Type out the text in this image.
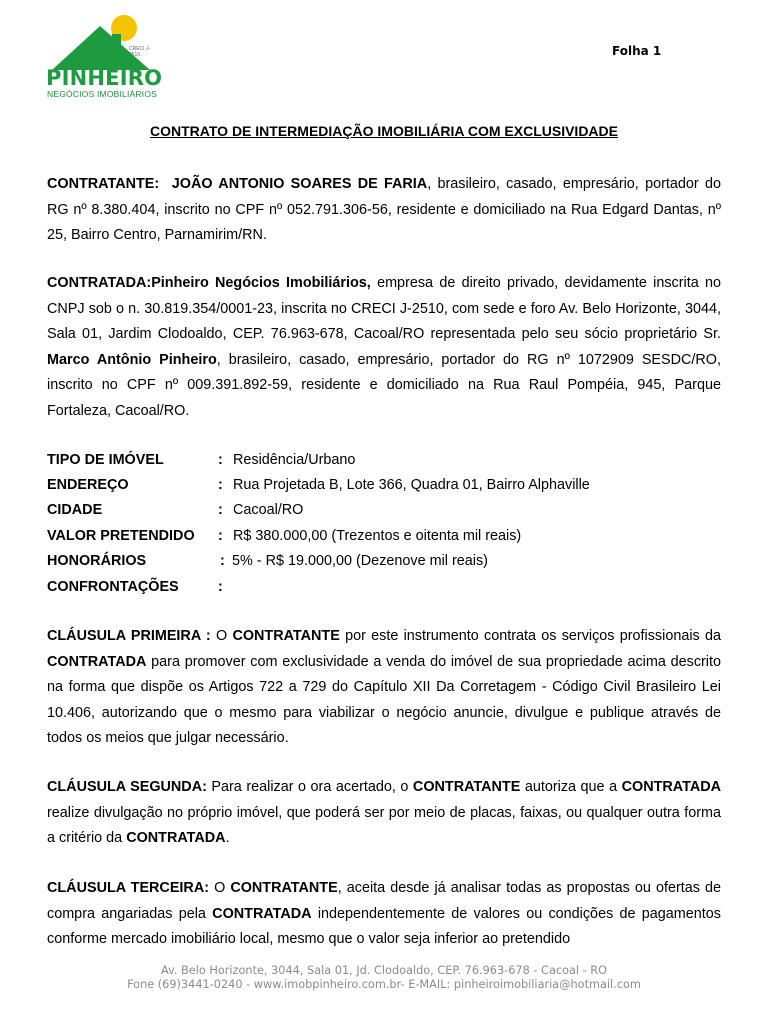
CRECI J-2510
PINHEIRO
NEGÓCIOS IMOBILIÁRIOS
Folha 1
CONTRATO DE INTERMEDIAÇÃO IMOBILIÁRIA COM EXCLUSIVIDADE

CONTRATANTE: JOÃO ANTONIO SOARES DE FARIA, brasileiro, casado, empresário, portador do RG nº 8.380.404, inscrito no CPF nº 052.791.306-56, residente e domiciliado na Rua Edgard Dantas, nº 25, Bairro Centro, Parnamirim/RN.

CONTRATADA:Pinheiro Negócios Imobiliários, empresa de direito privado, devidamente inscrita no CNPJ sob o n. 30.819.354/0001-23, inscrita no CRECI J-2510, com sede e foro Av. Belo Horizonte, 3044, Sala 01, Jardim Clodoaldo, CEP. 76.963-678, Cacoal/RO representada pelo seu sócio proprietário Sr. Marco Antônio Pinheiro, brasileiro, casado, empresário, portador do RG nº 1072909 SESDC/RO, inscrito no CPF nº 009.391.892-59, residente e domiciliado na Rua Raul Pompéia, 945, Parque Fortaleza, Cacoal/RO.

TIPO DE IMÓVEL	: Residência/Urbano
ENDEREÇO	: Rua Projetada B, Lote 366, Quadra 01, Bairro Alphaville
CIDADE	: Cacoal/RO
VALOR PRETENDIDO : R$ 380.000,00 (Trezentos e oitenta mil reais)
HONORÁRIOS	: 5% - R$ 19.000,00 (Dezenove mil reais)
CONFRONTAÇÕES	:

CLÁUSULA PRIMEIRA : O CONTRATANTE por este instrumento contrata os serviços profissionais da CONTRATADA para promover com exclusividade a venda do imóvel de sua propriedade acima descrito na forma que dispõe os Artigos 722 a 729 do Capítulo XII Da Corretagem - Código Civil Brasileiro Lei 10.406, autorizando que o mesmo para viabilizar o negócio anuncie, divulgue e publique através de todos os meios que julgar necessário.

CLÁUSULA SEGUNDA: Para realizar o ora acertado, o CONTRATANTE autoriza que a CONTRATADA realize divulgação no próprio imóvel, que poderá ser por meio de placas, faixas, ou qualquer outra forma a critério da CONTRATADA.

CLÁUSULA TERCEIRA: O CONTRATANTE, aceita desde já analisar todas as propostas ou ofertas de compra angariadas pela CONTRATADA independentemente de valores ou condições de pagamentos conforme mercado imobiliário local, mesmo que o valor seja inferior ao pretendido

Av. Belo Horizonte, 3044, Sala 01, Jd. Clodoaldo, CEP. 76.963-678 - Cacoal - RO
Fone (69)3441-0240 - www.imobpinheiro.com.br- E-MAIL: pinheiroimobiliaria@hotmail.com
